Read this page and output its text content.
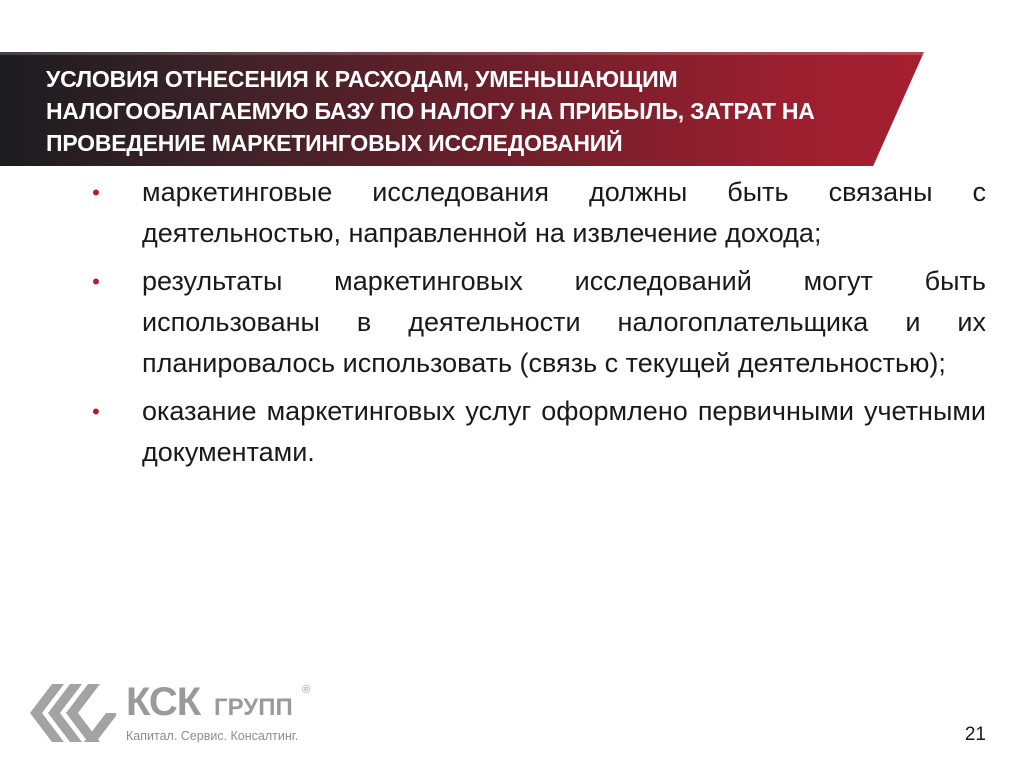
УСЛОВИЯ ОТНЕСЕНИЯ К РАСХОДАМ, УМЕНЬШАЮЩИМ НАЛОГООБЛАГАЕМУЮ БАЗУ ПО НАЛОГУ НА ПРИБЫЛЬ, ЗАТРАТ НА ПРОВЕДЕНИЕ МАРКЕТИНГОВЫХ ИССЛЕДОВАНИЙ
•	маркетинговые исследования должны быть связаны с деятельностью, направленной на извлечение дохода;
•	результаты маркетинговых исследований могут быть использованы в деятельности налогоплательщика и их планировалось использовать (связь с текущей деятельностью);
•	оказание маркетинговых услуг оформлено первичными учетными документами.
КСК ГРУПП
®
Капитал. Сервис. Консалтинг.	21
